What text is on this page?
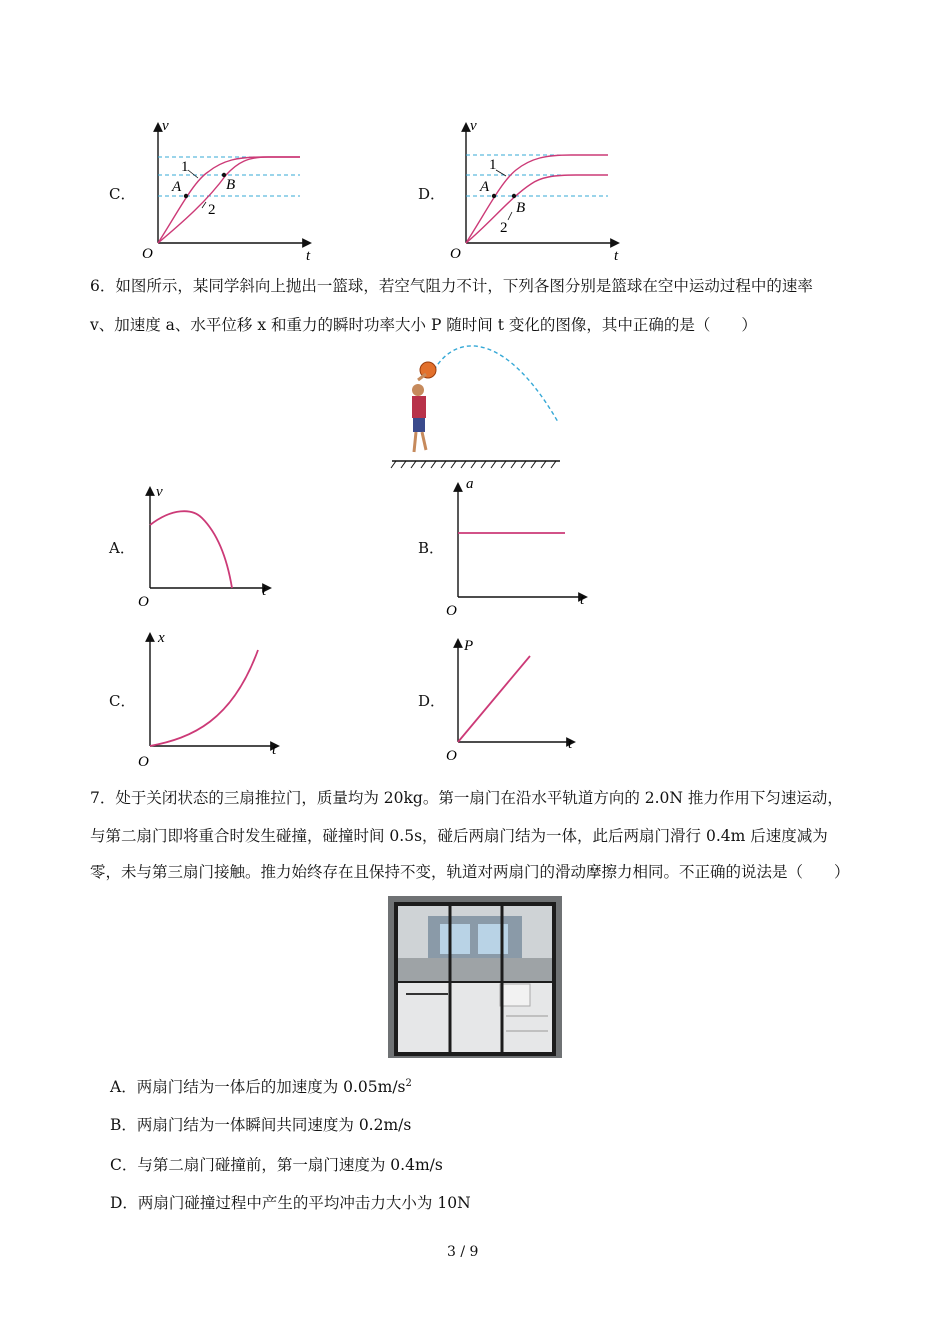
C．
v
t
O
1
2
A	B	D．
v
t
O
1
2
A
B
6．如图所示，某同学斜向上抛出一篮球，若空气阻力不计，下列各图分别是篮球在空中运动过程中的速率
v、加速度 a、水平位移 x 和重力的瞬时功率大小 P 随时间 t 变化的图像，其中正确的是（　　）
A．
v
t
O
B．
a
t
O
C．
x
t
O
D．
P
t
O
7．处于关闭状态的三扇推拉门，质量均为 20kg。第一扇门在沿水平轨道方向的 2.0N 推力作用下匀速运动，
与第二扇门即将重合时发生碰撞，碰撞时间 0.5s，碰后两扇门结为一体，此后两扇门滑行 0.4m 后速度减为
零，未与第三扇门接触。推力始终存在且保持不变，轨道对两扇门的滑动摩擦力相同。不正确的说法是（　　）
A．两扇门结为一体后的加速度为 $0.05m/s^2$
B．两扇门结为一体瞬间共同速度为 0.2m/s
C．与第二扇门碰撞前，第一扇门速度为 0.4m/s
D．两扇门碰撞过程中产生的平均冲击力大小为 10N
3 / 9
